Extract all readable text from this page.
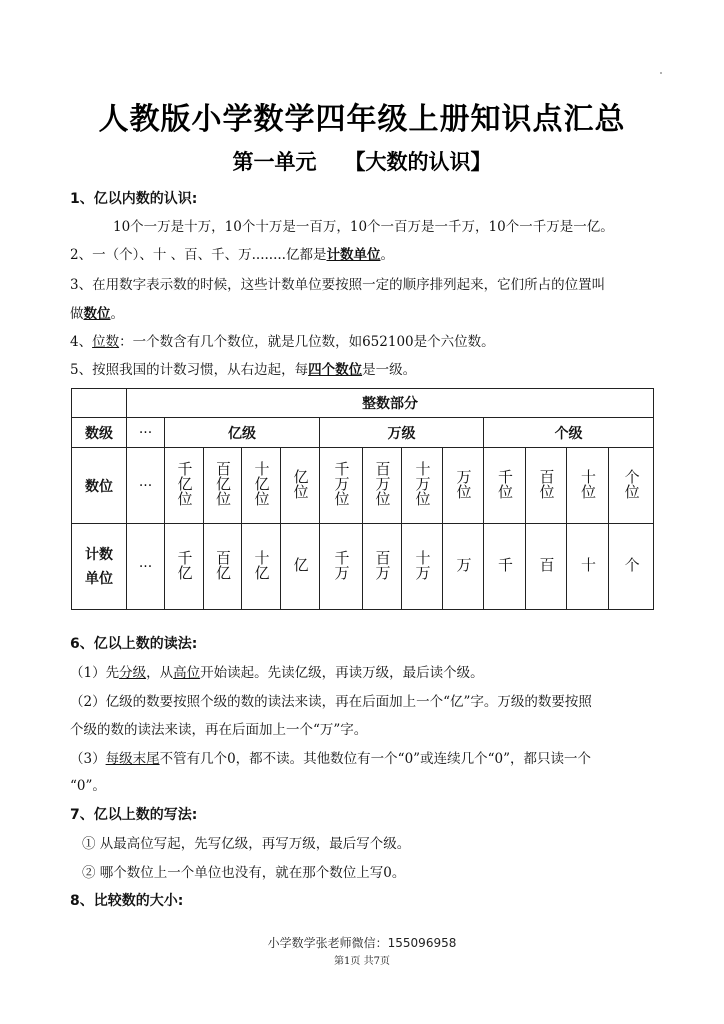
人教版小学数学四年级上册知识点汇总
第一单元 【大数的认识】
1、亿以内数的认识:
10个一万是十万，10个十万是一百万，10个一百万是一千万，10个一千万是一亿。
2、一（个）、十 、百、千、万........亿都是计数单位。
3、在用数字表示数的时候，这些计数单位要按照一定的顺序排列起来，它们所占的位置叫
做数位。
4、位数：一个数含有几个数位，就是几位数，如652100是个六位数。
5、按照我国的计数习惯，从右边起，每四个数位是一级。
	整数部分												
数级	···	亿级				万级				个级			
数位	···	千亿位	百亿位	十亿位	亿位	千万位	百万位	十万位	万位	千位	百位	十位	个位
计数单位	···	千亿	百亿	十亿	亿	千万	百万	十万	万	千	百	十	个
6、亿以上数的读法:
（1）先分级，从高位开始读起。先读亿级，再读万级，最后读个级。
（2）亿级的数要按照个级的数的读法来读，再在后面加上一个“亿”字。万级的数要按照
个级的数的读法来读，再在后面加上一个“万”字。
（3）每级末尾不管有几个0，都不读。其他数位有一个“0”或连续几个“0”，都只读一个
“0”。
7、亿以上数的写法:
① 从最高位写起，先写亿级，再写万级，最后写个级。
② 哪个数位上一个单位也没有，就在那个数位上写0。
8、比较数的大小:
小学数学张老师微信：155096958
第1页 共7页
